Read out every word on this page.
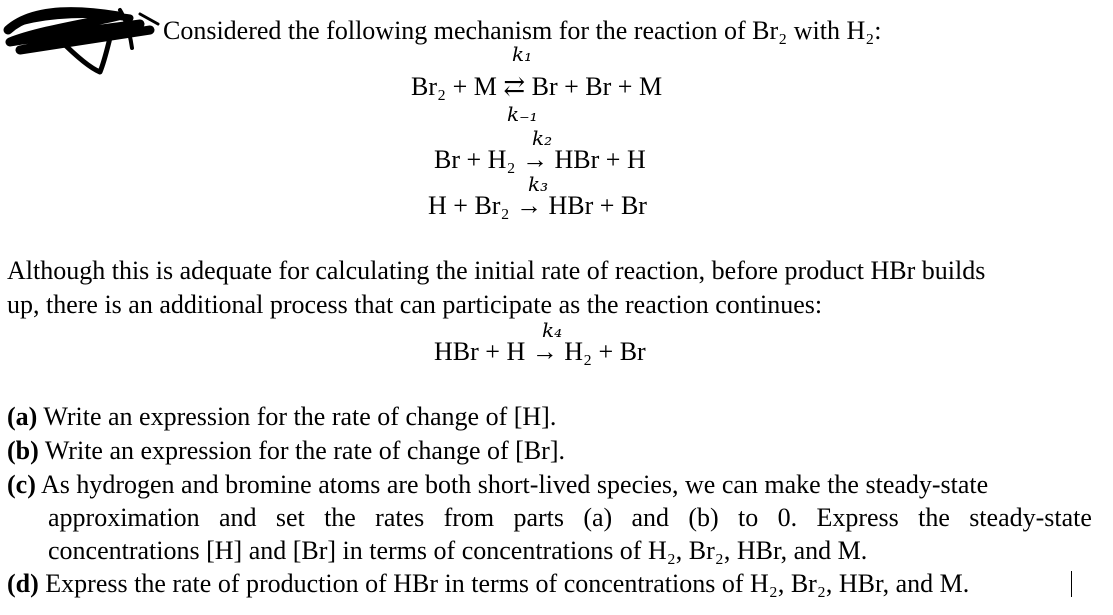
Considered the following mechanism for the reaction of Br₂ with H₂:
k₁
Br₂ + M ⇄ Br + Br + M
k₋₁
k₂
Br + H₂ → HBr + H
k₃
H + Br₂ → HBr + Br
Although this is adequate for calculating the initial rate of reaction, before product HBr builds
up, there is an additional process that can participate as the reaction continues:
k₄
HBr + H → H₂ + Br
(a) Write an expression for the rate of change of [H].
(b) Write an expression for the rate of change of [Br].
(c) As hydrogen and bromine atoms are both short-lived species, we can make the steady-state
approximation and set the rates from parts (a) and (b) to 0. Express the steady-state
concentrations [H] and [Br] in terms of concentrations of H₂, Br₂, HBr, and M.
(d) Express the rate of production of HBr in terms of concentrations of H₂, Br₂, HBr, and M.
